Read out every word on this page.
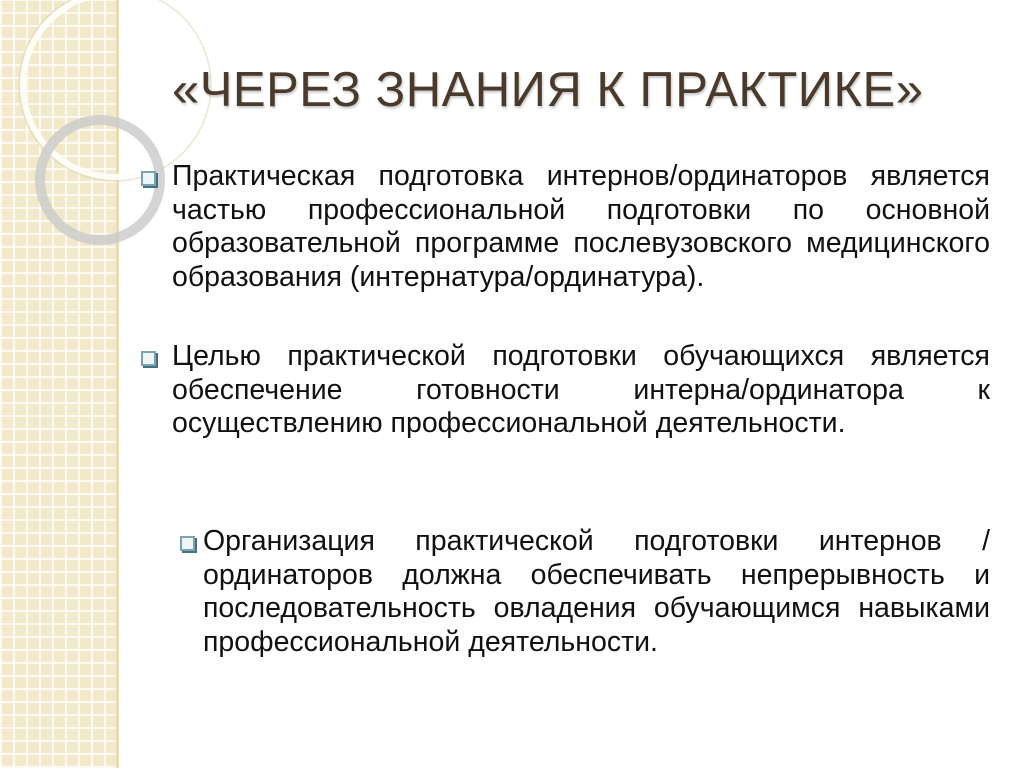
«ЧЕРЕЗ ЗНАНИЯ К ПРАКТИКЕ»
Практическая подготовка интернов/ординаторов является частью профессиональной подготовки по основной образовательной программе послевузовского медицинского образования (интернатура/ординатура).
Целью практической подготовки обучающихся является обеспечение готовности интерна/ординатора к осуществлению профессиональной деятельности.
Организация практической подготовки интернов /ординаторов должна обеспечивать непрерывность и последовательность овладения обучающимся навыками профессиональной деятельности.
